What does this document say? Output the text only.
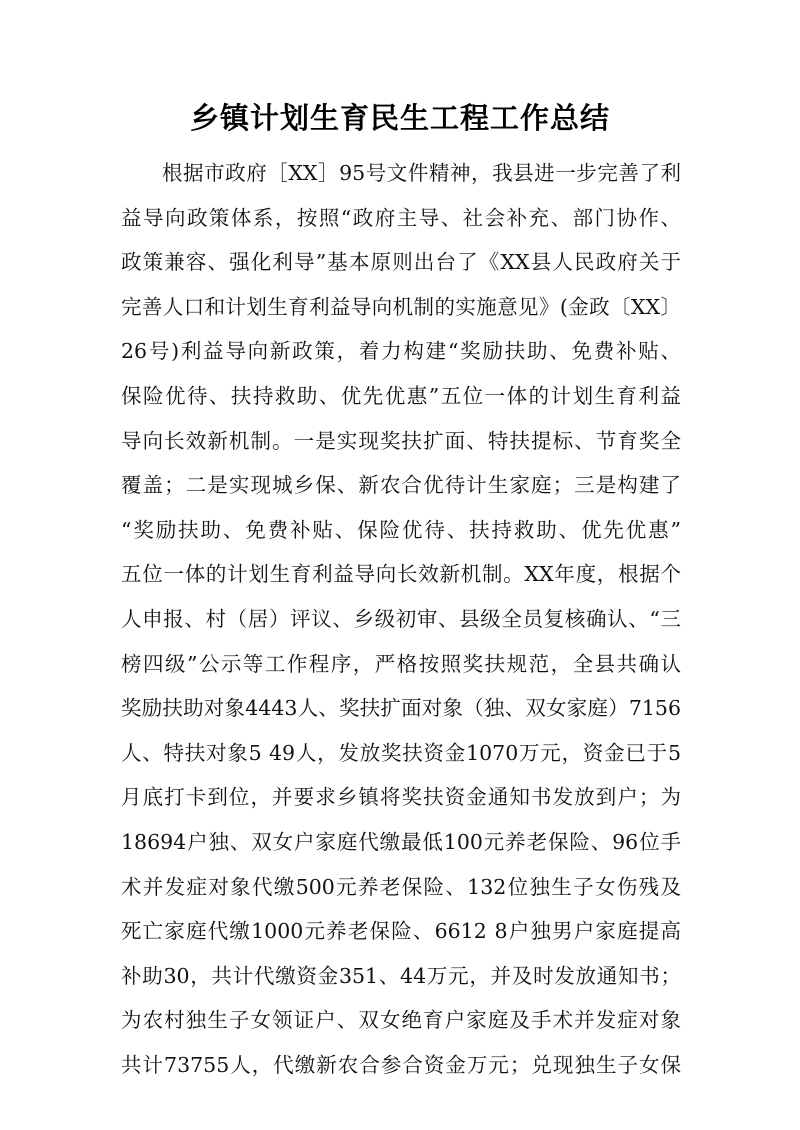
乡镇计划生育民生工程工作总结
根据市政府［XX］95号文件精神，我县进一步完善了利
益导向政策体系，按照“政府主导、社会补充、部门协作、
政策兼容、强化利导”基本原则出台了《XX县人民政府关于
完善人口和计划生育利益导向机制的实施意见》(金政〔XX〕
26号)利益导向新政策，着力构建“奖励扶助、免费补贴、
保险优待、扶持救助、优先优惠”五位一体的计划生育利益
导向长效新机制。一是实现奖扶扩面、特扶提标、节育奖全
覆盖；二是实现城乡保、新农合优待计生家庭；三是构建了
“奖励扶助、免费补贴、保险优待、扶持救助、优先优惠”
五位一体的计划生育利益导向长效新机制。XX年度，根据个
人申报、村（居）评议、乡级初审、县级全员复核确认、“三
榜四级”公示等工作程序，严格按照奖扶规范，全县共确认
奖励扶助对象4443人、奖扶扩面对象（独、双女家庭）7156
人、特扶对象5 49人，发放奖扶资金1070万元，资金已于5
月底打卡到位，并要求乡镇将奖扶资金通知书发放到户；为
18694户独、双女户家庭代缴最低100元养老保险、96位手
术并发症对象代缴500元养老保险、132位独生子女伤残及
死亡家庭代缴1000元养老保险、6612 8户独男户家庭提高
补助30，共计代缴资金351、44万元，并及时发放通知书；
为农村独生子女领证户、双女绝育户家庭及手术并发症对象
共计73755人，代缴新农合参合资金万元；兑现独生子女保
